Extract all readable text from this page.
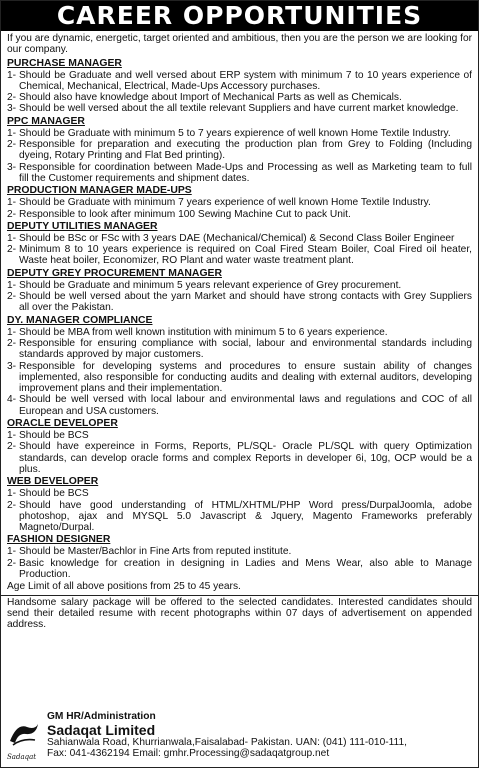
CAREER OPPORTUNITIES

If you are dynamic, energetic, target oriented and ambitious, then you are the person we are looking for our company.

PURCHASE MANAGER
1- Should be Graduate and well versed about ERP system with minimum 7 to 10 years experience of Chemical, Mechanical, Electrical, Made-Ups Accessory purchases.
2- Should also have knowledge about Import of Mechanical Parts as well as Chemicals.
3- Should be well versed about the all textile relevant Suppliers and have current market knowledge.
PPC MANAGER
1- Should be Graduate with minimum 5 to 7 years expierence of well known Home Textile Industry.
2- Responsible for preparation and executing the production plan from Grey to Folding (Including dyeing, Rotary Printing and Flat Bed printing).
3- Responsible for coordination between Made-Ups and Processing as well as Marketing team to full fill the Customer requirements and shipment dates.
PRODUCTION MANAGER MADE-UPS
1- Should be Graduate with minimum 7 years experience of well known Home Textile Industry.
2- Responsible to look after minimum 100 Sewing Machine Cut to pack Unit.
DEPUTY UTILITIES MANAGER
1- Should be BSc or FSc with 3 years DAE (Mechanical/Chemical) & Second Class Boiler Engineer
2- Minimum 8 to 10 years experience is required on Coal Fired Steam Boiler, Coal Fired oil heater, Waste heat boiler, Economizer, RO Plant and water waste treatment plant.
DEPUTY GREY PROCUREMENT MANAGER
1- Should be Graduate and minimum 5 years relevant experience of Grey procurement.
2- Should be well versed about the yarn Market and should have strong contacts with Grey Suppliers all over the Pakistan.
DY. MANAGER COMPLIANCE
1- Should be MBA from well known institution with minimum 5 to 6 years experience.
2- Responsible for ensuring compliance with social, labour and environmental standards including standards approved by major customers.
3- Responsible for developing systems and procedures to ensure sustain ability of changes implemented, also responsible for conducting audits and dealing with external auditors, developing improvement plans and their implementation.
4- Should be well versed with local labour and environmental laws and regulations and COC of all European and USA customers.
ORACLE DEVELOPER
1- Should be BCS
2- Should have expereince in Forms, Reports, PL/SQL- Oracle PL/SQL with query Optimization standards, can develop oracle forms and complex Reports in developer 6i, 10g, OCP would be a plus.
WEB DEVELOPER
1- Should be BCS
2- Should have good understanding of HTML/XHTML/PHP Word press/DurpalJoomla, adobe photoshop, ajax and MYSQL 5.0 Javascript & Jquery, Magento Frameworks preferably Magneto/Durpal.
FASHION DESIGNER
1- Should be Master/Bachlor in Fine Arts from reputed institute.
2- Basic knowledge for creation in designing in Ladies and Mens Wear, also able to Manage Production.

Age Limit of all above positions from 25 to 45 years.

Handsome salary package will be offered to the selected candidates. Interested candidates should send their detailed resume with recent photographs within 07 days of advertisement on appended address.

Sadaqat
GM HR/Administration
Sadaqat Limited
Sahianwala Road, Khurrianwala,Faisalabad- Pakistan. UAN: (041) 111-010-111,
Fax: 041-4362194 Email: gmhr.Processing@sadaqatgroup.net
